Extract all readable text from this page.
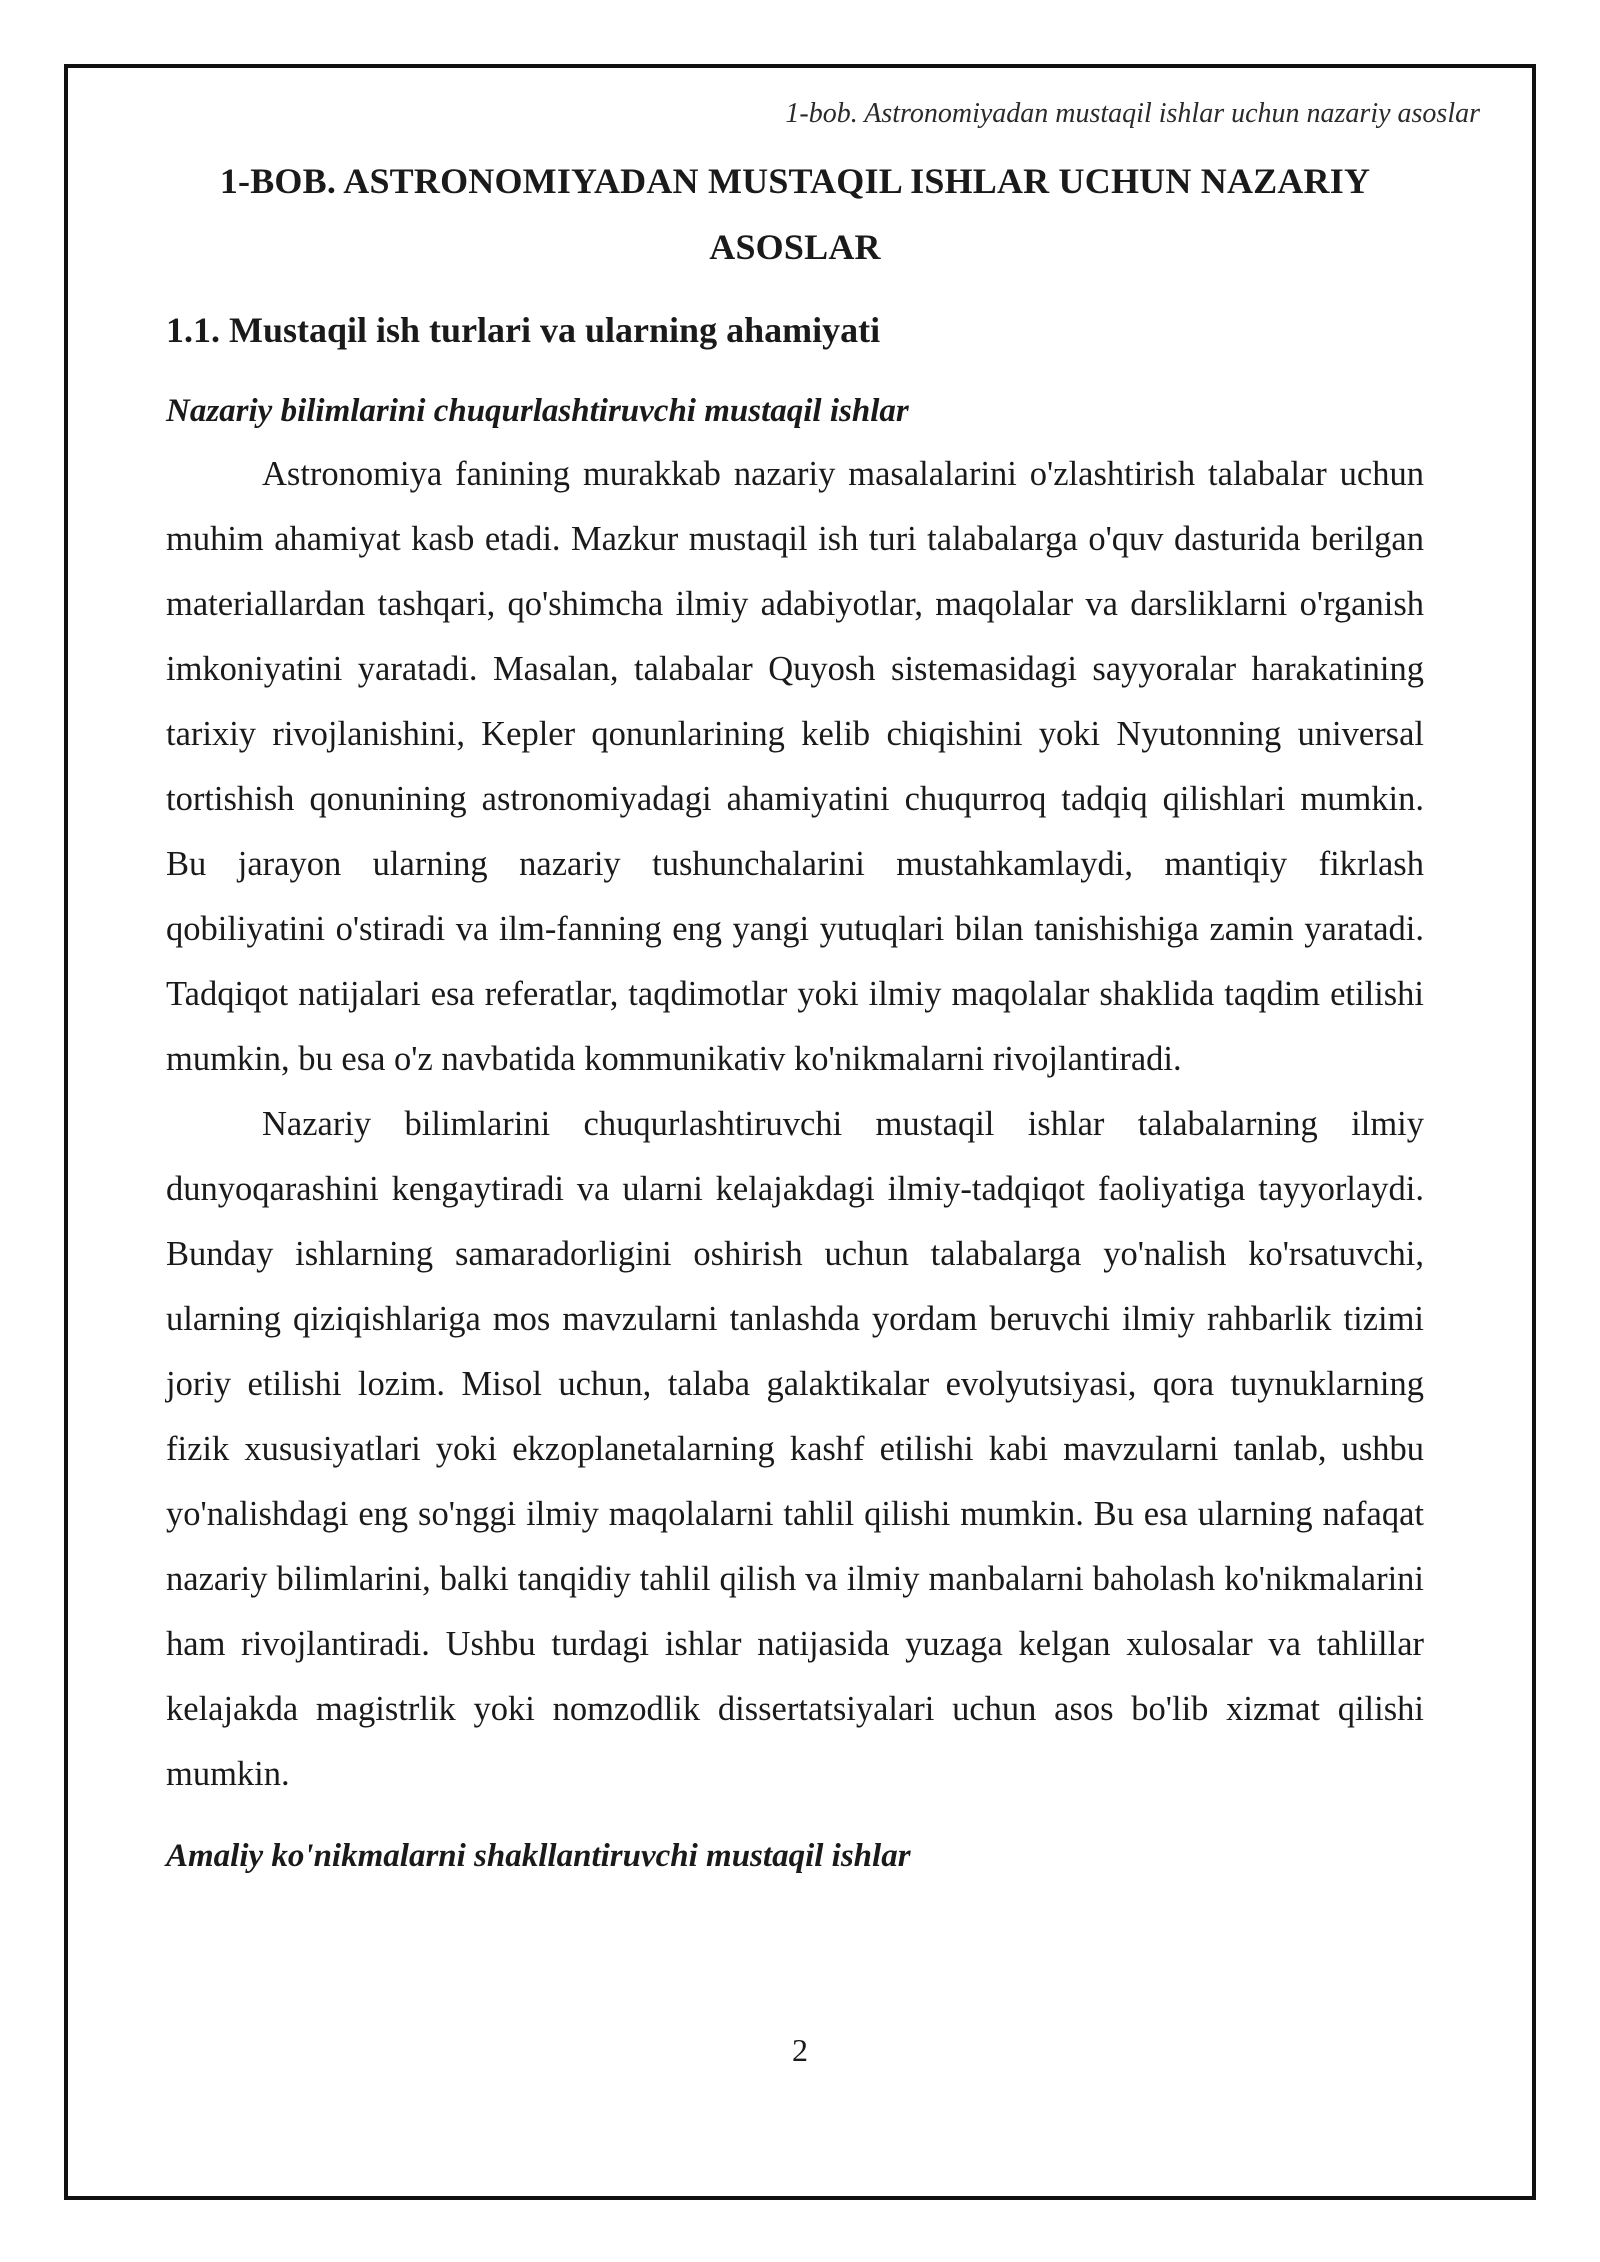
1-bob. Astronomiyadan mustaqil ishlar uchun nazariy asoslar
1-BOB. ASTRONOMIYADAN MUSTAQIL ISHLAR UCHUN NAZARIY ASOSLAR
1.1. Mustaqil ish turlari va ularning ahamiyati
Nazariy bilimlarini chuqurlashtiruvchi mustaqil ishlar

Astronomiya fanining murakkab nazariy masalalarini o'zlashtirish talabalar uchun muhim ahamiyat kasb etadi. Mazkur mustaqil ish turi talabalarga o'quv dasturida berilgan materiallardan tashqari, qo'shimcha ilmiy adabiyotlar, maqolalar va darsliklarni o'rganish imkoniyatini yaratadi. Masalan, talabalar Quyosh sistemasidagi sayyoralar harakatining tarixiy rivojlanishini, Kepler qonunlarining kelib chiqishini yoki Nyutonning universal tortishish qonunining astronomiyadagi ahamiyatini chuqurroq tadqiq qilishlari mumkin. Bu jarayon ularning nazariy tushunchalarini mustahkamlaydi, mantiqiy fikrlash qobiliyatini o'stiradi va ilm-fanning eng yangi yutuqlari bilan tanishishiga zamin yaratadi. Tadqiqot natijalari esa referatlar, taqdimotlar yoki ilmiy maqolalar shaklida taqdim etilishi mumkin, bu esa o'z navbatida kommunikativ ko'nikmalarni rivojlantiradi.

Nazariy bilimlarini chuqurlashtiruvchi mustaqil ishlar talabalarning ilmiy dunyoqarashini kengaytiradi va ularni kelajakdagi ilmiy-tadqiqot faoliyatiga tayyorlaydi. Bunday ishlarning samaradorligini oshirish uchun talabalarga yo'nalish ko'rsatuvchi, ularning qiziqishlariga mos mavzularni tanlashda yordam beruvchi ilmiy rahbarlik tizimi joriy etilishi lozim. Misol uchun, talaba galaktikalar evolyutsiyasi, qora tuynuklarning fizik xususiyatlari yoki ekzoplanetalarning kashf etilishi kabi mavzularni tanlab, ushbu yo'nalishdagi eng so'nggi ilmiy maqolalarni tahlil qilishi mumkin. Bu esa ularning nafaqat nazariy bilimlarini, balki tanqidiy tahlil qilish va ilmiy manbalarni baholash ko'nikmalarini ham rivojlantiradi. Ushbu turdagi ishlar natijasida yuzaga kelgan xulosalar va tahlillar kelajakda magistrlik yoki nomzodlik dissertatsiyalari uchun asos bo'lib xizmat qilishi mumkin.

Amaliy ko'nikmalarni shakllantiruvchi mustaqil ishlar
2
